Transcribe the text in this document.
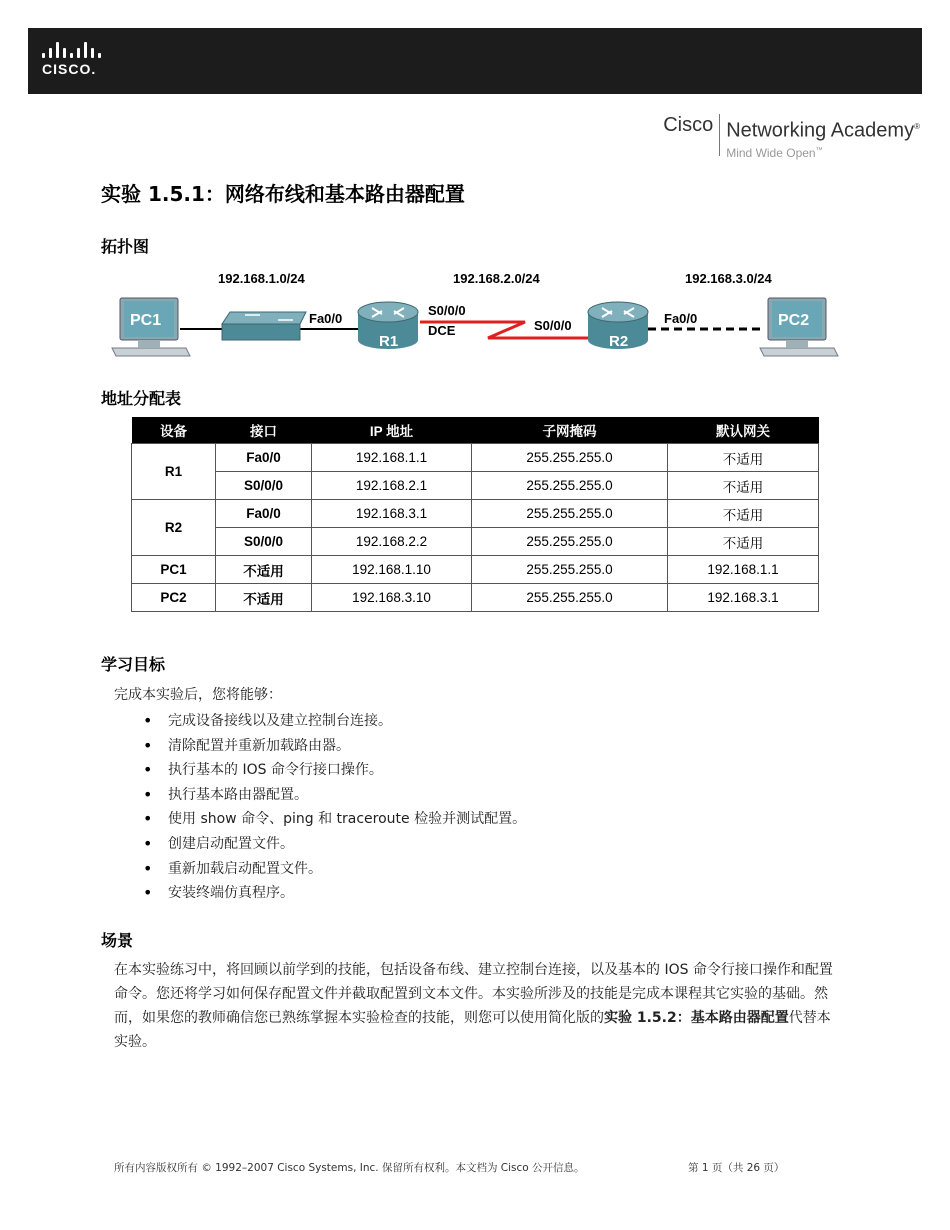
CISCO.
Cisco Networking Academy®
Mind Wide Open™
实验 1.5.1：网络布线和基本路由器配置
拓扑图
192.168.1.0/24	192.168.2.0/24	192.168.3.0/24
PC1
R1	R2
PC2
Fa0/0
S0/0/0
DCE	S0/0/0	Fa0/0
地址分配表
设备	接口	IP 地址	子网掩码	默认网关
R1	Fa0/0	192.168.1.1	255.255.255.0	不适用
	S0/0/0	192.168.2.1	255.255.255.0	不适用
R2	Fa0/0	192.168.3.1	255.255.255.0	不适用
	S0/0/0	192.168.2.2	255.255.255.0	不适用
PC1	不适用	192.168.1.10	255.255.255.0	192.168.1.1
PC2	不适用	192.168.3.10	255.255.255.0	192.168.3.1
学习目标
完成本实验后，您将能够：
• 完成设备接线以及建立控制台连接。
• 清除配置并重新加载路由器。
• 执行基本的 IOS 命令行接口操作。
• 执行基本路由器配置。
• 使用 show 命令、ping 和 traceroute 检验并测试配置。
• 创建启动配置文件。
• 重新加载启动配置文件。
• 安装终端仿真程序。
场景
在本实验练习中，将回顾以前学到的技能，包括设备布线、建立控制台连接，以及基本的 IOS 命令行接口操作和配置命令。您还将学习如何保存配置文件并截取配置到文本文件。本实验所涉及的技能是完成本课程其它实验的基础。然而，如果您的教师确信您已熟练掌握本实验检查的技能，则您可以使用简化版的实验 1.5.2：基本路由器配置代替本实验。
所有内容版权所有 © 1992–2007 Cisco Systems, Inc. 保留所有权利。本文档为 Cisco 公开信息。	第 1 页（共 26 页）
